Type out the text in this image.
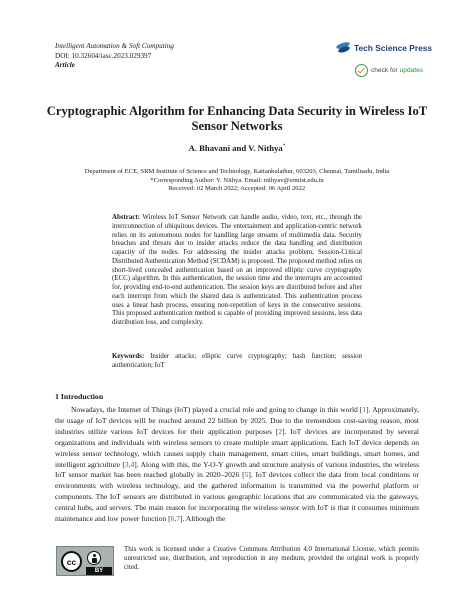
Intelligent Automation & Soft Computing
DOI: 10.32604/iasc.2023.029397
Article
Tech Science Press
check for updates
Cryptographic Algorithm for Enhancing Data Security in Wireless IoT Sensor Networks
A. Bhavani and V. Nithya*
Department of ECE, SRM Institute of Science and Technology, Kattankulathur, 603203, Chennai, Tamilnadu, India
*Corresponding Author: V. Nithya. Email: nithyav@srmist.edu.in
Received: 02 March 2022; Accepted: 06 April 2022

Abstract: Wireless IoT Sensor Network can handle audio, video, text, etc., through the interconnection of ubiquitous devices. The entertainment and application-centric network relies on its autonomous nodes for handling large streams of multimedia data. Security breaches and threats due to insider attacks reduce the data handling and distribution capacity of the nodes. For addressing the insider attacks problem, Session-Critical Distributed Authentication Method (SCDAM) is proposed. The proposed method relies on short-lived concealed authentication based on an improved elliptic curve cryptography (ECC) algorithm. In this authentication, the session time and the interrupts are accounted for, providing end-to-end authentication. The session keys are distributed before and after each interrupt from which the shared data is authenticated. This authentication process uses a linear hash process, ensuring non-repetition of keys in the consecutive sessions. This proposed authentication method is capable of providing improved sessions, less data distribution loss, and complexity.

Keywords: Insider attacks; elliptic curve cryptography; hash function; session authentication; IoT

1 Introduction

Nowadays, the Internet of Things (IoT) played a crucial role and going to change in this world [1]. Approximately, the usage of IoT devices will be reached around 22 billion by 2025. Due to the tremendous cost-saving reason, most industries utilize various IoT devices for their application purposes [2]. IoT devices are incorporated by several organizations and individuals with wireless sensors to create multiple smart applications. Each IoT device depends on wireless sensor technology, which causes supply chain management, smart cities, smart buildings, smart homes, and intelligent agriculture [3,4]. Along with this, the Y-O-Y growth and structure analysis of various industries, the wireless IoT sensor market has been reached globally in 2020–2026 [5]. IoT devices collect the data from local conditions or environments with wireless technology, and the gathered information is transmitted via the powerful platform or components. The IoT sensors are distributed in various geographic locations that are communicated via the gateways, central hubs, and servers. The main reason for incorporating the wireless sensor with IoT is that it consumes minimum maintenance and low power function [6,7]. Although the

cc
BY

This work is licensed under a Creative Commons Attribution 4.0 International License, which permits unrestricted use, distribution, and reproduction in any medium, provided the original work is properly cited.
